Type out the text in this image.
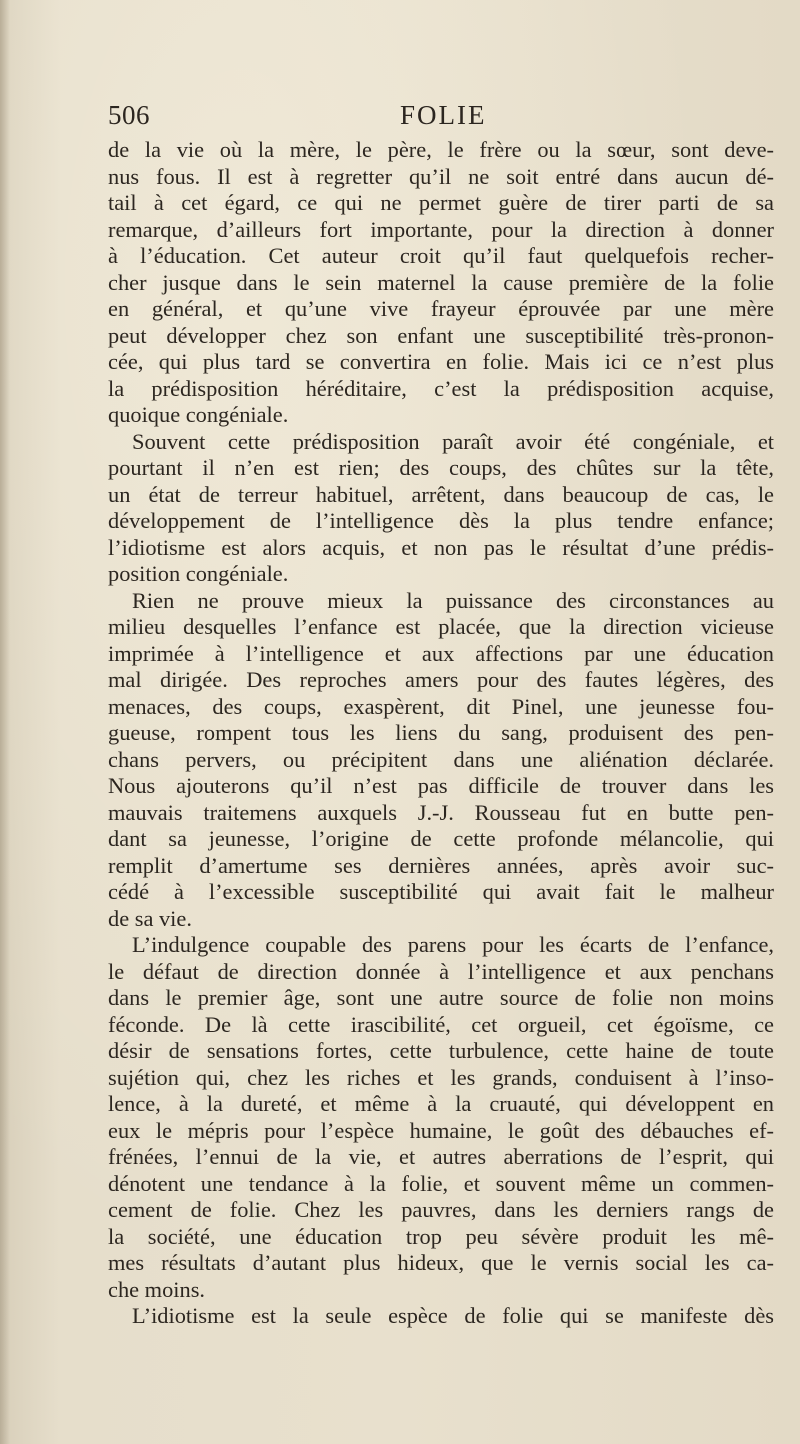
506	FOLIE
de la vie où la mère, le père, le frère ou la sœur, sont deve-
nus fous. Il est à regretter qu’il ne soit entré dans aucun dé-
tail à cet égard, ce qui ne permet guère de tirer parti de sa
remarque, d’ailleurs fort importante, pour la direction à donner
à l’éducation. Cet auteur croit qu’il faut quelquefois recher-
cher jusque dans le sein maternel la cause première de la folie
en général, et qu’une vive frayeur éprouvée par une mère
peut développer chez son enfant une susceptibilité très-pronon-
cée, qui plus tard se convertira en folie. Mais ici ce n’est plus
la prédisposition héréditaire, c’est la prédisposition acquise,
quoique congéniale.
Souvent cette prédisposition paraît avoir été congéniale, et
pourtant il n’en est rien; des coups, des chûtes sur la tête,
un état de terreur habituel, arrêtent, dans beaucoup de cas, le
développement de l’intelligence dès la plus tendre enfance;
l’idiotisme est alors acquis, et non pas le résultat d’une prédis-
position congéniale.
Rien ne prouve mieux la puissance des circonstances au
milieu desquelles l’enfance est placée, que la direction vicieuse
imprimée à l’intelligence et aux affections par une éducation
mal dirigée. Des reproches amers pour des fautes légères, des
menaces, des coups, exaspèrent, dit Pinel, une jeunesse fou-
gueuse, rompent tous les liens du sang, produisent des pen-
chans pervers, ou précipitent dans une aliénation déclarée.
Nous ajouterons qu’il n’est pas difficile de trouver dans les
mauvais traitemens auxquels J.-J. Rousseau fut en butte pen-
dant sa jeunesse, l’origine de cette profonde mélancolie, qui
remplit d’amertume ses dernières années, après avoir suc-
cédé à l’excessible susceptibilité qui avait fait le malheur
de sa vie.
L’indulgence coupable des parens pour les écarts de l’enfance,
le défaut de direction donnée à l’intelligence et aux penchans
dans le premier âge, sont une autre source de folie non moins
féconde. De là cette irascibilité, cet orgueil, cet égoïsme, ce
désir de sensations fortes, cette turbulence, cette haine de toute
sujétion qui, chez les riches et les grands, conduisent à l’inso-
lence, à la dureté, et même à la cruauté, qui développent en
eux le mépris pour l’espèce humaine, le goût des débauches ef-
frénées, l’ennui de la vie, et autres aberrations de l’esprit, qui
dénotent une tendance à la folie, et souvent même un commen-
cement de folie. Chez les pauvres, dans les derniers rangs de
la société, une éducation trop peu sévère produit les mê-
mes résultats d’autant plus hideux, que le vernis social les ca-
che moins.
L’idiotisme est la seule espèce de folie qui se manifeste dès
